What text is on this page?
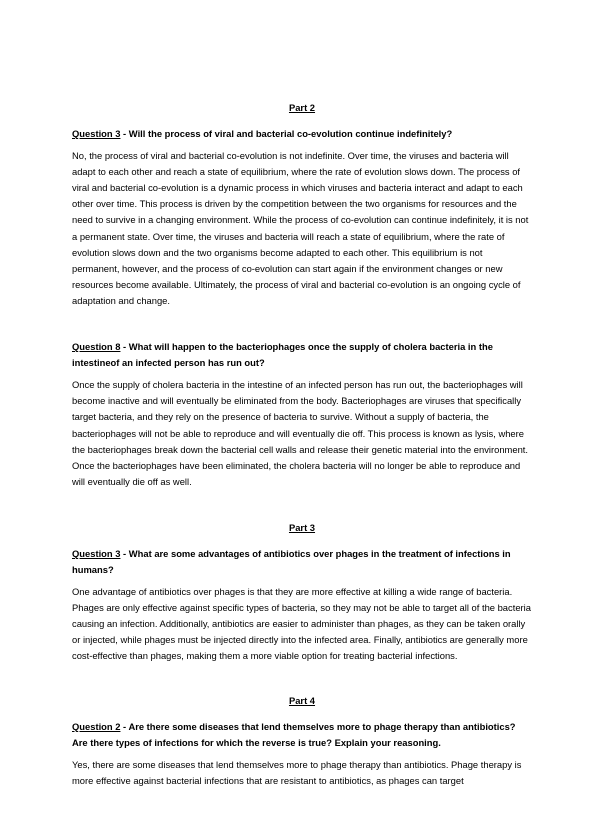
Part 2

Question 3 - Will the process of viral and bacterial co-evolution continue indefinitely?

No, the process of viral and bacterial co-evolution is not indefinite. Over time, the viruses and bacteria will adapt to each other and reach a state of equilibrium, where the rate of evolution slows down. The process of viral and bacterial co-evolution is a dynamic process in which viruses and bacteria interact and adapt to each other over time. This process is driven by the competition between the two organisms for resources and the need to survive in a changing environment. While the process of co-evolution can continue indefinitely, it is not a permanent state. Over time, the viruses and bacteria will reach a state of equilibrium, where the rate of evolution slows down and the two organisms become adapted to each other. This equilibrium is not permanent, however, and the process of co-evolution can start again if the environment changes or new resources become available. Ultimately, the process of viral and bacterial co-evolution is an ongoing cycle of adaptation and change.

Question 8 - What will happen to the bacteriophages once the supply of cholera bacteria in the intestineof an infected person has run out?

Once the supply of cholera bacteria in the intestine of an infected person has run out, the bacteriophages will become inactive and will eventually be eliminated from the body. Bacteriophages are viruses that specifically target bacteria, and they rely on the presence of bacteria to survive. Without a supply of bacteria, the bacteriophages will not be able to reproduce and will eventually die off. This process is known as lysis, where the bacteriophages break down the bacterial cell walls and release their genetic material into the environment. Once the bacteriophages have been eliminated, the cholera bacteria will no longer be able to reproduce and will eventually die off as well.

Part 3

Question 3 - What are some advantages of antibiotics over phages in the treatment of infections in humans?

One advantage of antibiotics over phages is that they are more effective at killing a wide range of bacteria. Phages are only effective against specific types of bacteria, so they may not be able to target all of the bacteria causing an infection. Additionally, antibiotics are easier to administer than phages, as they can be taken orally or injected, while phages must be injected directly into the infected area. Finally, antibiotics are generally more cost-effective than phages, making them a more viable option for treating bacterial infections.

Part 4

Question 2 - Are there some diseases that lend themselves more to phage therapy than antibiotics? Are there types of infections for which the reverse is true? Explain your reasoning.

Yes, there are some diseases that lend themselves more to phage therapy than antibiotics. Phage therapy is more effective against bacterial infections that are resistant to antibiotics, as phages can target
